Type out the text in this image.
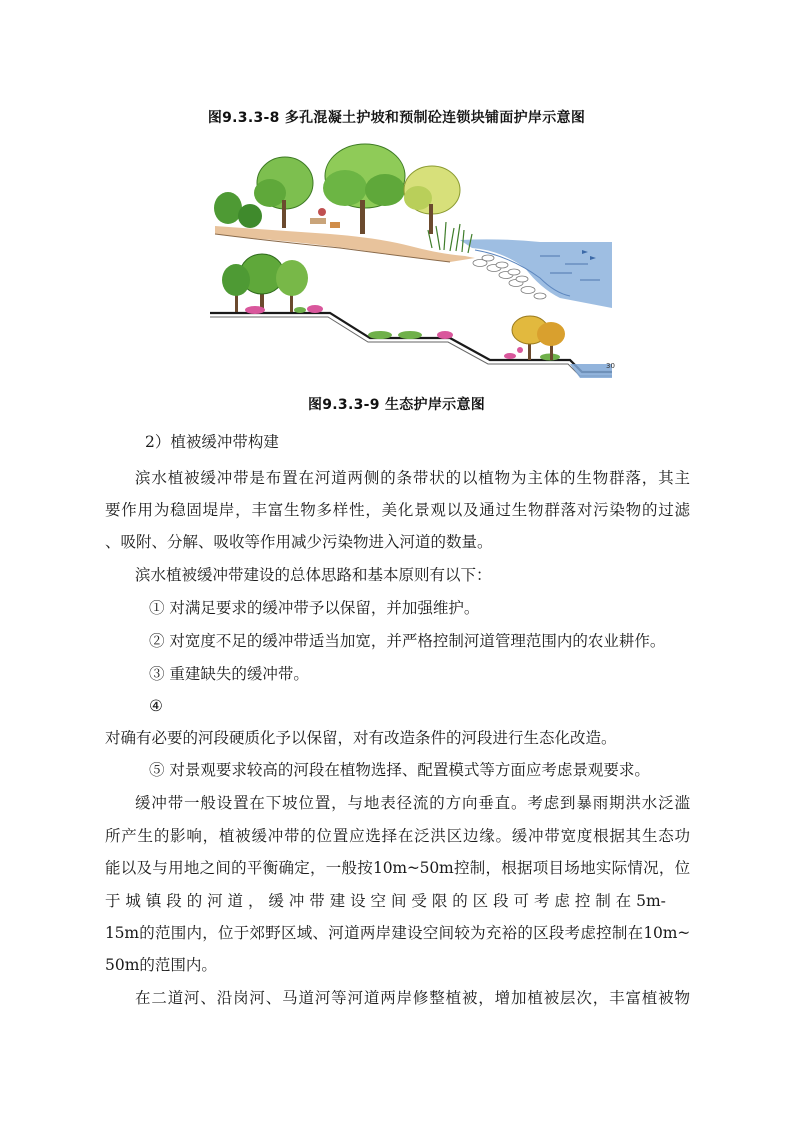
图9.3.3-8 多孔混凝土护坡和预制砼连锁块铺面护岸示意图
30
图9.3.3-9 生态护岸示意图
2）植被缓冲带构建
滨水植被缓冲带是布置在河道两侧的条带状的以植物为主体的生物群落，其主
要作用为稳固堤岸，丰富生物多样性，美化景观以及通过生物群落对污染物的过滤
、吸附、分解、吸收等作用减少污染物进入河道的数量。
滨水植被缓冲带建设的总体思路和基本原则有以下：
① 对满足要求的缓冲带予以保留，并加强维护。
② 对宽度不足的缓冲带适当加宽，并严格控制河道管理范围内的农业耕作。
③ 重建缺失的缓冲带。
④
对确有必要的河段硬质化予以保留，对有改造条件的河段进行生态化改造。
⑤ 对景观要求较高的河段在植物选择、配置模式等方面应考虑景观要求。
缓冲带一般设置在下坡位置，与地表径流的方向垂直。考虑到暴雨期洪水泛滥
所产生的影响，植被缓冲带的位置应选择在泛洪区边缘。缓冲带宽度根据其生态功
能以及与用地之间的平衡确定，一般按10m~50m控制，根据项目场地实际情况，位
于 城 镇 段 的 河 道 ， 缓 冲 带 建 设 空 间 受 限 的 区 段 可 考 虑 控 制 在 5m-
15m的范围内，位于郊野区域、河道两岸建设空间较为充裕的区段考虑控制在10m~
50m的范围内。
在二道河、沿岗河、马道河等河道两岸修整植被，增加植被层次，丰富植被物
